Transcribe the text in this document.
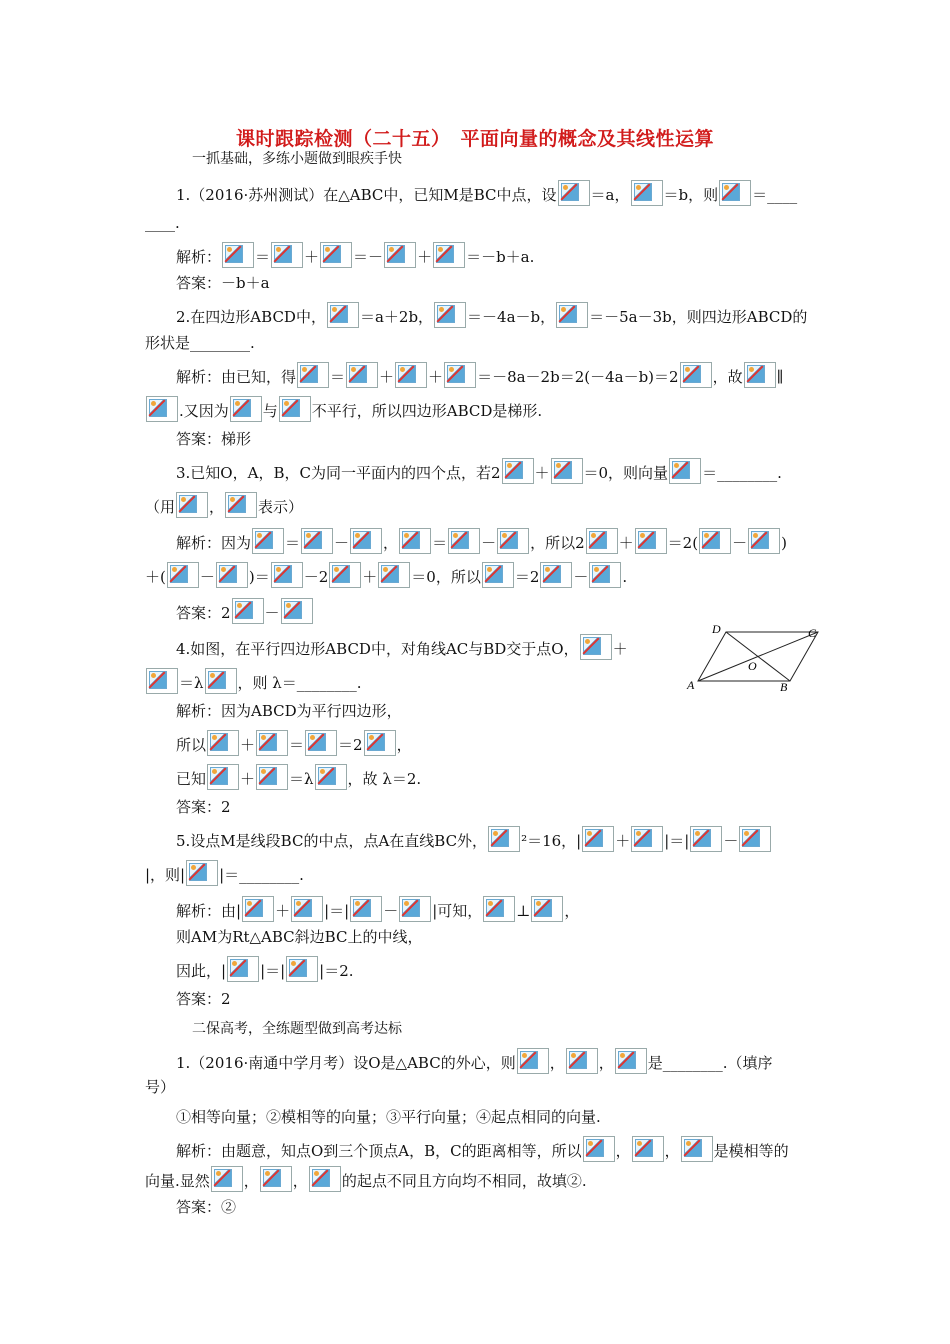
课时跟踪检测（二十五）　平面向量的概念及其线性运算
一抓基础，多练小题做到眼疾手快
1.（2016·苏州测试）在△ABC中，已知M是BC中点，设 ＝a， ＝b，则 ＝____
____.
解析： ＝ ＋ ＝－ ＋ ＝－b＋a.
答案：－b＋a
2.在四边形ABCD中， ＝a＋2b， ＝－4a－b， ＝－5a－3b，则四边形ABCD的
形状是________.
解析：由已知，得 ＝ ＋ ＋ ＝－8a－2b＝2(－4a－b)＝2 ，故 ∥
.又因为 与 不平行，所以四边形ABCD是梯形.
答案：梯形
3.已知O，A，B，C为同一平面内的四个点，若2 ＋ ＝0，则向量 ＝________.
（用 ， 表示）
解析：因为 ＝ － ， ＝ － ，所以2 ＋ ＝2( － )
＋( － )＝ －2 ＋ ＝0，所以 ＝2 － .
答案：2 －
4.如图，在平行四边形ABCD中，对角线AC与BD交于点O， ＋
＝λ ，则 λ＝________.
解析：因为ABCD为平行四边形，
所以 ＋ ＝ ＝2 ，
已知 ＋ ＝λ ，故 λ＝2.
答案：2
5.设点M是线段BC的中点，点A在直线BC外， ²＝16，| ＋ |＝| －
|，则| |＝________.
解析：由| ＋ |＝| － |可知， ⊥ ，
则AM为Rt△ABC斜边BC上的中线，
因此，| |＝| |＝2.
答案：2
二保高考，全练题型做到高考达标
1.（2016·南通中学月考）设O是△ABC的外心，则 ， ， 是________.（填序
号）
①相等向量；②模相等的向量；③平行向量；④起点相同的向量.
解析：由题意，知点O到三个顶点A，B，C的距离相等，所以 ， ， 是模相等的
向量.显然 ， ， 的起点不同且方向均不相同，故填②.
答案：②
D	C
O
A	B
